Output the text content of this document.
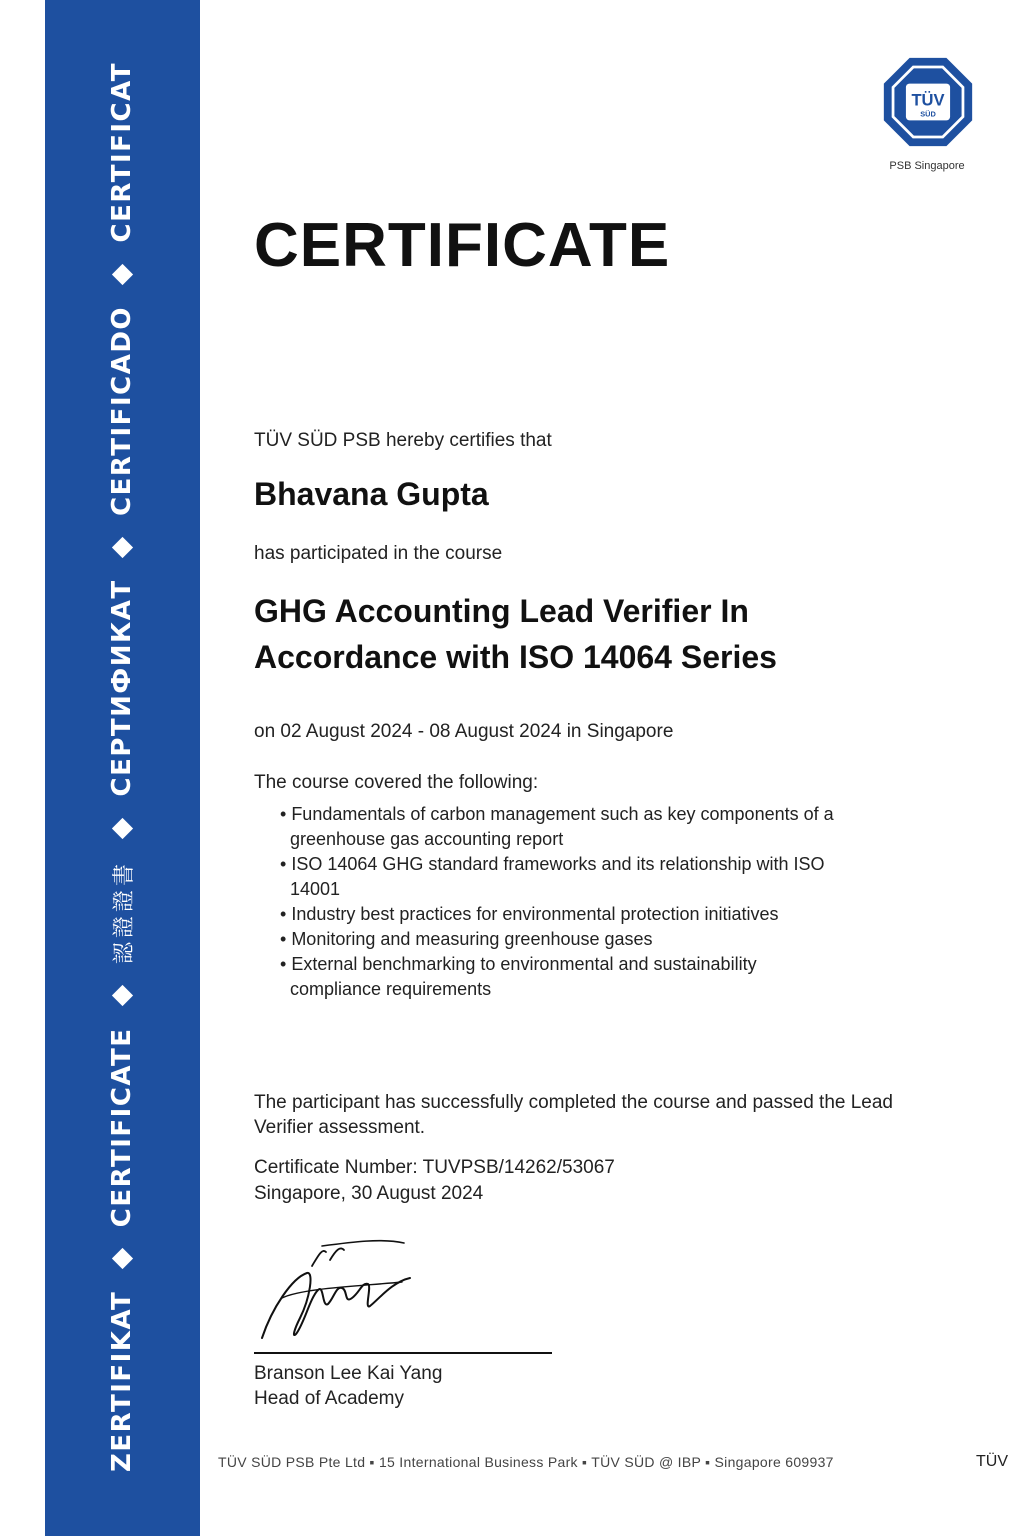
ZERTIFIKAT
CERTIFICATE
認證證書
СЕРТИФИКАТ
CERTIFICADO
CERTIFICAT	TÜV
SÜD
PSB Singapore
CERTIFICATE
TÜV SÜD PSB hereby certifies that
Bhavana Gupta
has participated in the course
GHG Accounting Lead Verifier In
Accordance with ISO 14064 Series
on 02 August 2024 - 08 August 2024 in Singapore
The course covered the following:
• Fundamentals of carbon management such as key components of a greenhouse gas accounting report
• ISO 14064 GHG standard frameworks and its relationship with ISO 14001
• Industry best practices for environmental protection initiatives
• Monitoring and measuring greenhouse gases
• External benchmarking to environmental and sustainability compliance requirements
The participant has successfully completed the course and passed the Lead
Verifier assessment.
Certificate Number: TUVPSB/14262/53067
Singapore, 30 August 2024
Branson Lee Kai Yang
Head of Academy
TÜV SÜD PSB Pte Ltd ▪ 15 International Business Park ▪ TÜV SÜD @ IBP ▪ Singapore 609937	TÜV
